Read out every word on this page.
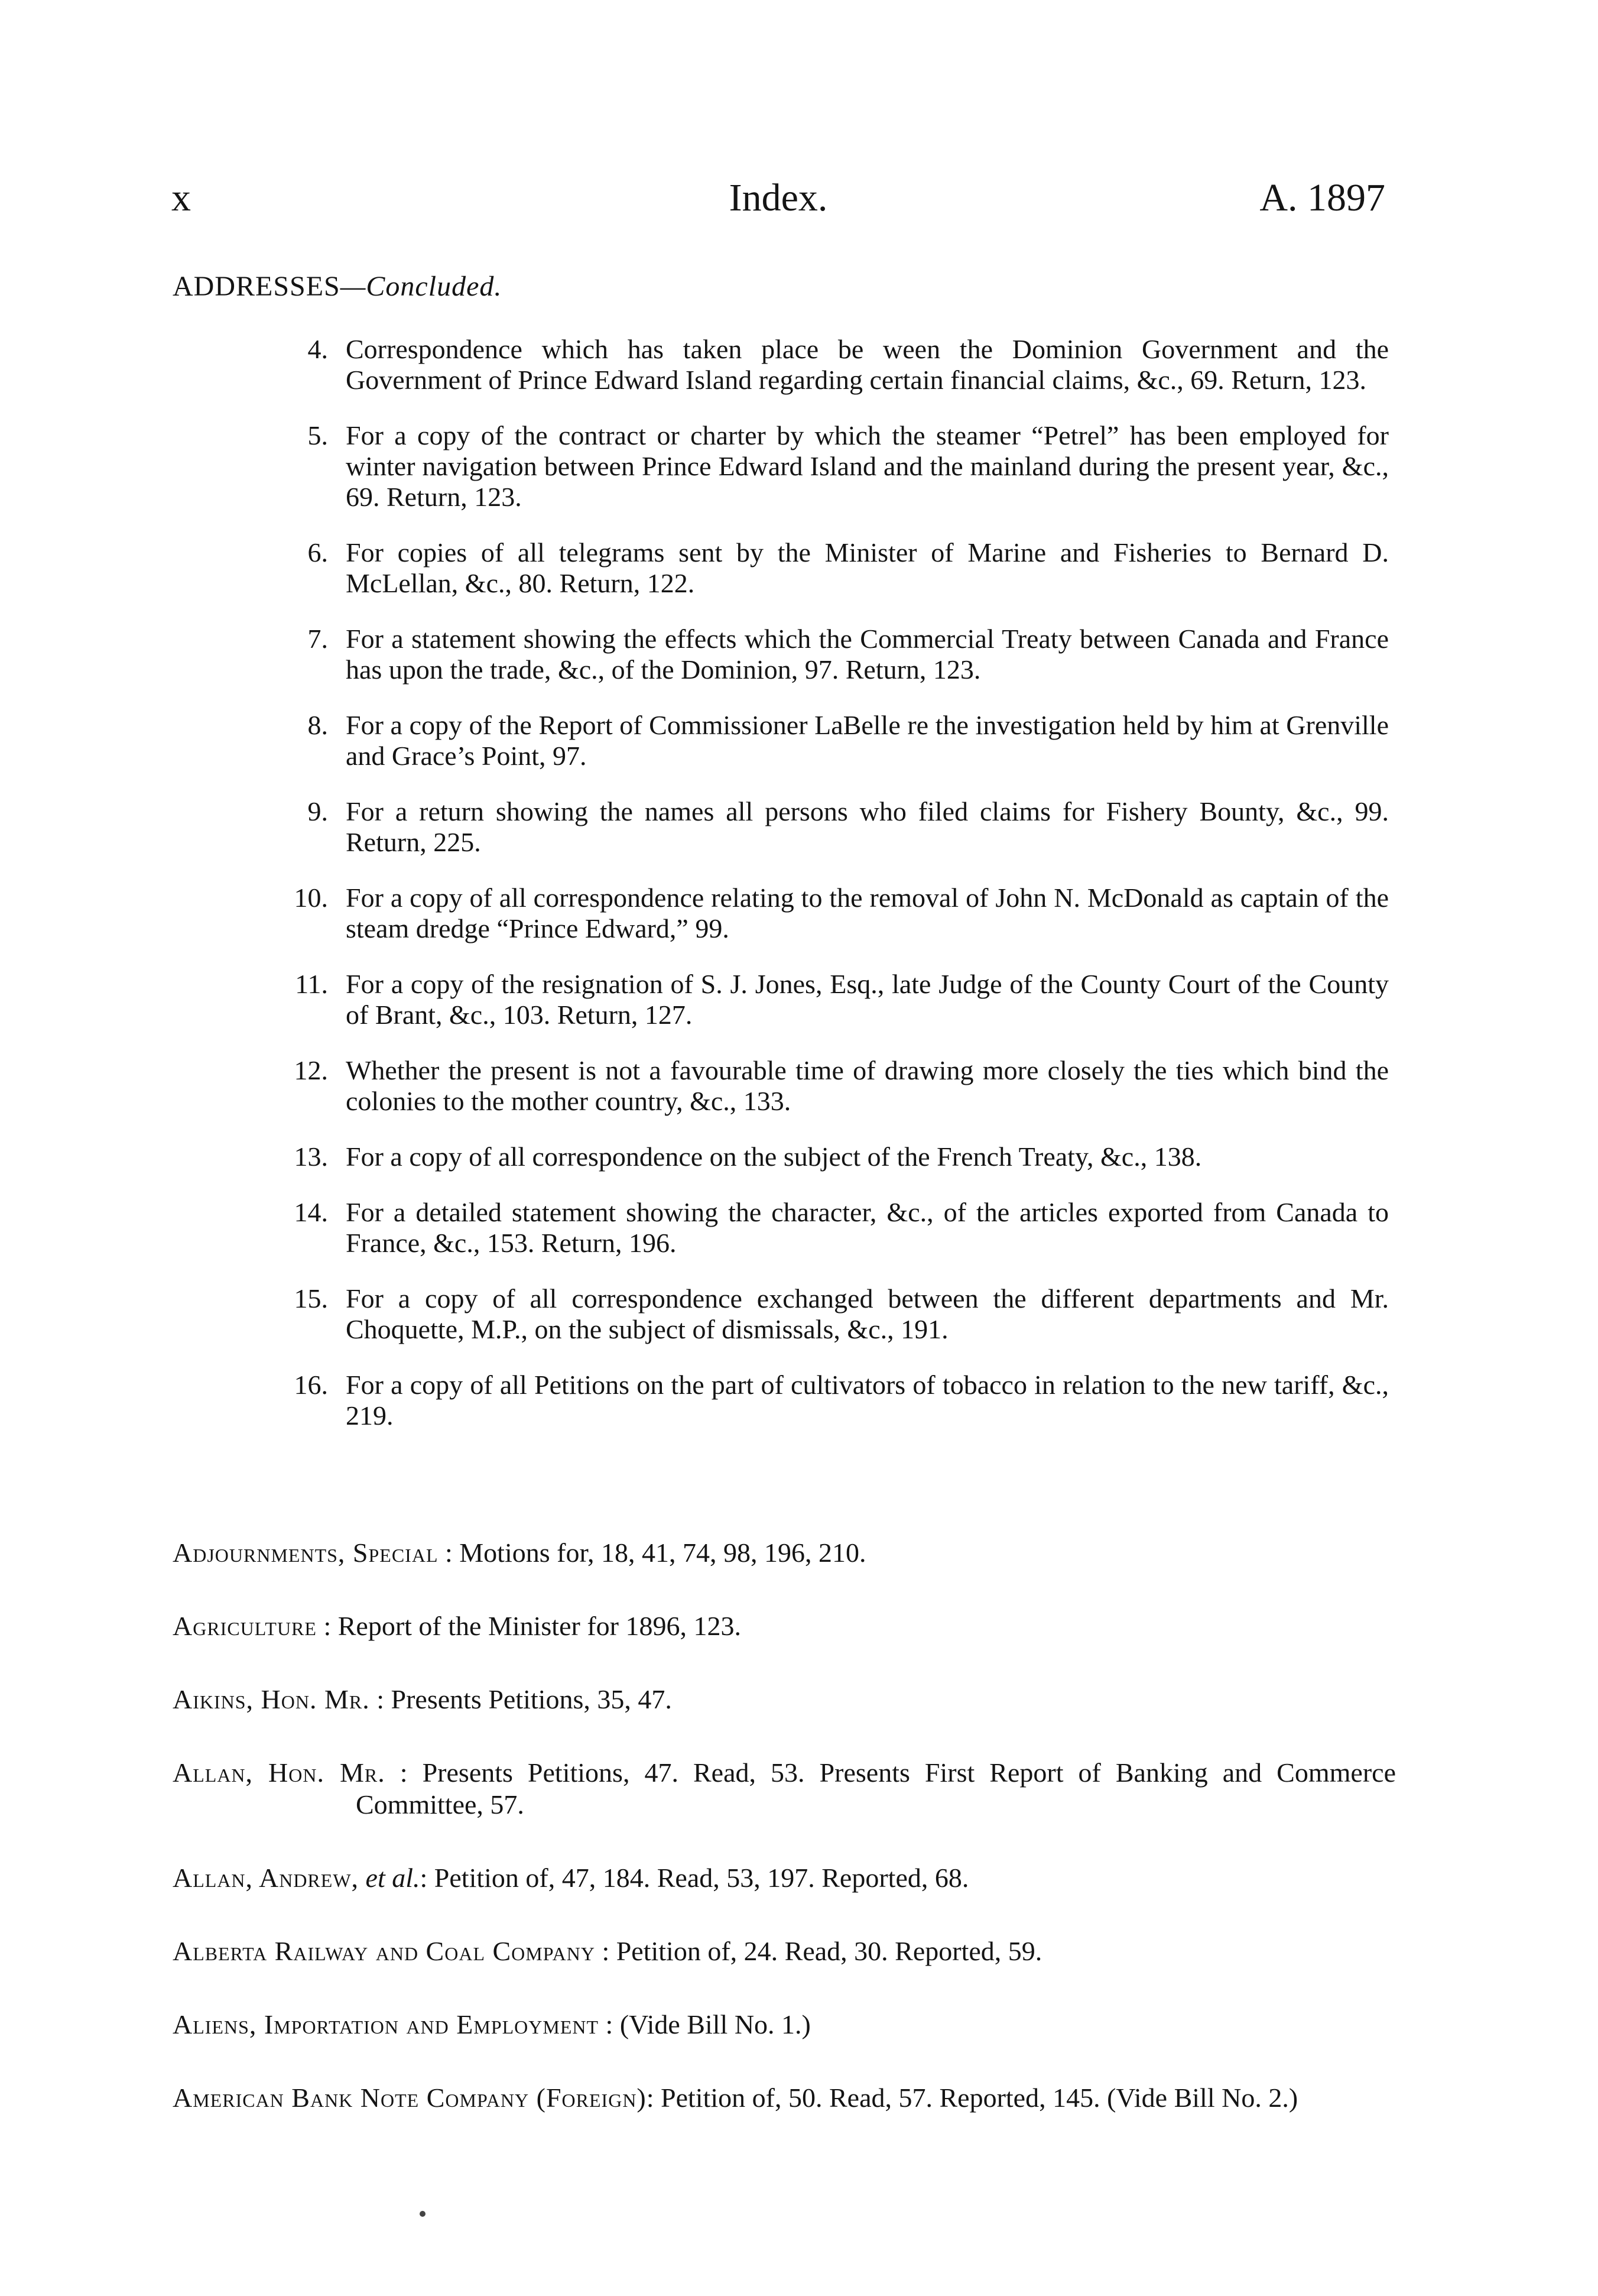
x	Index.	A. 1897
ADDRESSES—Concluded.
4. Correspondence which has taken place be ween the Dominion Government and the Government of Prince Edward Island regarding certain financial claims, &c., 69. Return, 123.
5. For a copy of the contract or charter by which the steamer “Petrel” has been employed for winter navigation between Prince Edward Island and the mainland during the present year, &c., 69. Return, 123.
6. For copies of all telegrams sent by the Minister of Marine and Fisheries to Bernard D. McLellan, &c., 80. Return, 122.
7. For a statement showing the effects which the Commercial Treaty between Canada and France has upon the trade, &c., of the Dominion, 97. Return, 123.
8. For a copy of the Report of Commissioner LaBelle re the investigation held by him at Grenville and Grace’s Point, 97.
9. For a return showing the names all persons who filed claims for Fishery Bounty, &c., 99. Return, 225.
10. For a copy of all correspondence relating to the removal of John N. McDonald as captain of the steam dredge “Prince Edward,” 99.
11. For a copy of the resignation of S. J. Jones, Esq., late Judge of the County Court of the County of Brant, &c., 103. Return, 127.
12. Whether the present is not a favourable time of drawing more closely the ties which bind the colonies to the mother country, &c., 133.
13. For a copy of all correspondence on the subject of the French Treaty, &c., 138.
14. For a detailed statement showing the character, &c., of the articles exported from Canada to France, &c., 153. Return, 196.
15. For a copy of all correspondence exchanged between the different departments and Mr. Choquette, M.P., on the subject of dismissals, &c., 191.
16. For a copy of all Petitions on the part of cultivators of tobacco in relation to the new tariff, &c., 219.
Adjournments, Special : Motions for, 18, 41, 74, 98, 196, 210.
Agriculture : Report of the Minister for 1896, 123.
Aikins, Hon. Mr. : Presents Petitions, 35, 47.
Allan, Hon. Mr. : Presents Petitions, 47. Read, 53. Presents First Report of Banking and Commerce Committee, 57.
Allan, Andrew, et al.: Petition of, 47, 184. Read, 53, 197. Reported, 68.
Alberta Railway and Coal Company : Petition of, 24. Read, 30. Reported, 59.
Aliens, Importation and Employment : (Vide Bill No. 1.)
American Bank Note Company (Foreign): Petition of, 50. Read, 57. Reported, 145. (Vide Bill No. 2.)
